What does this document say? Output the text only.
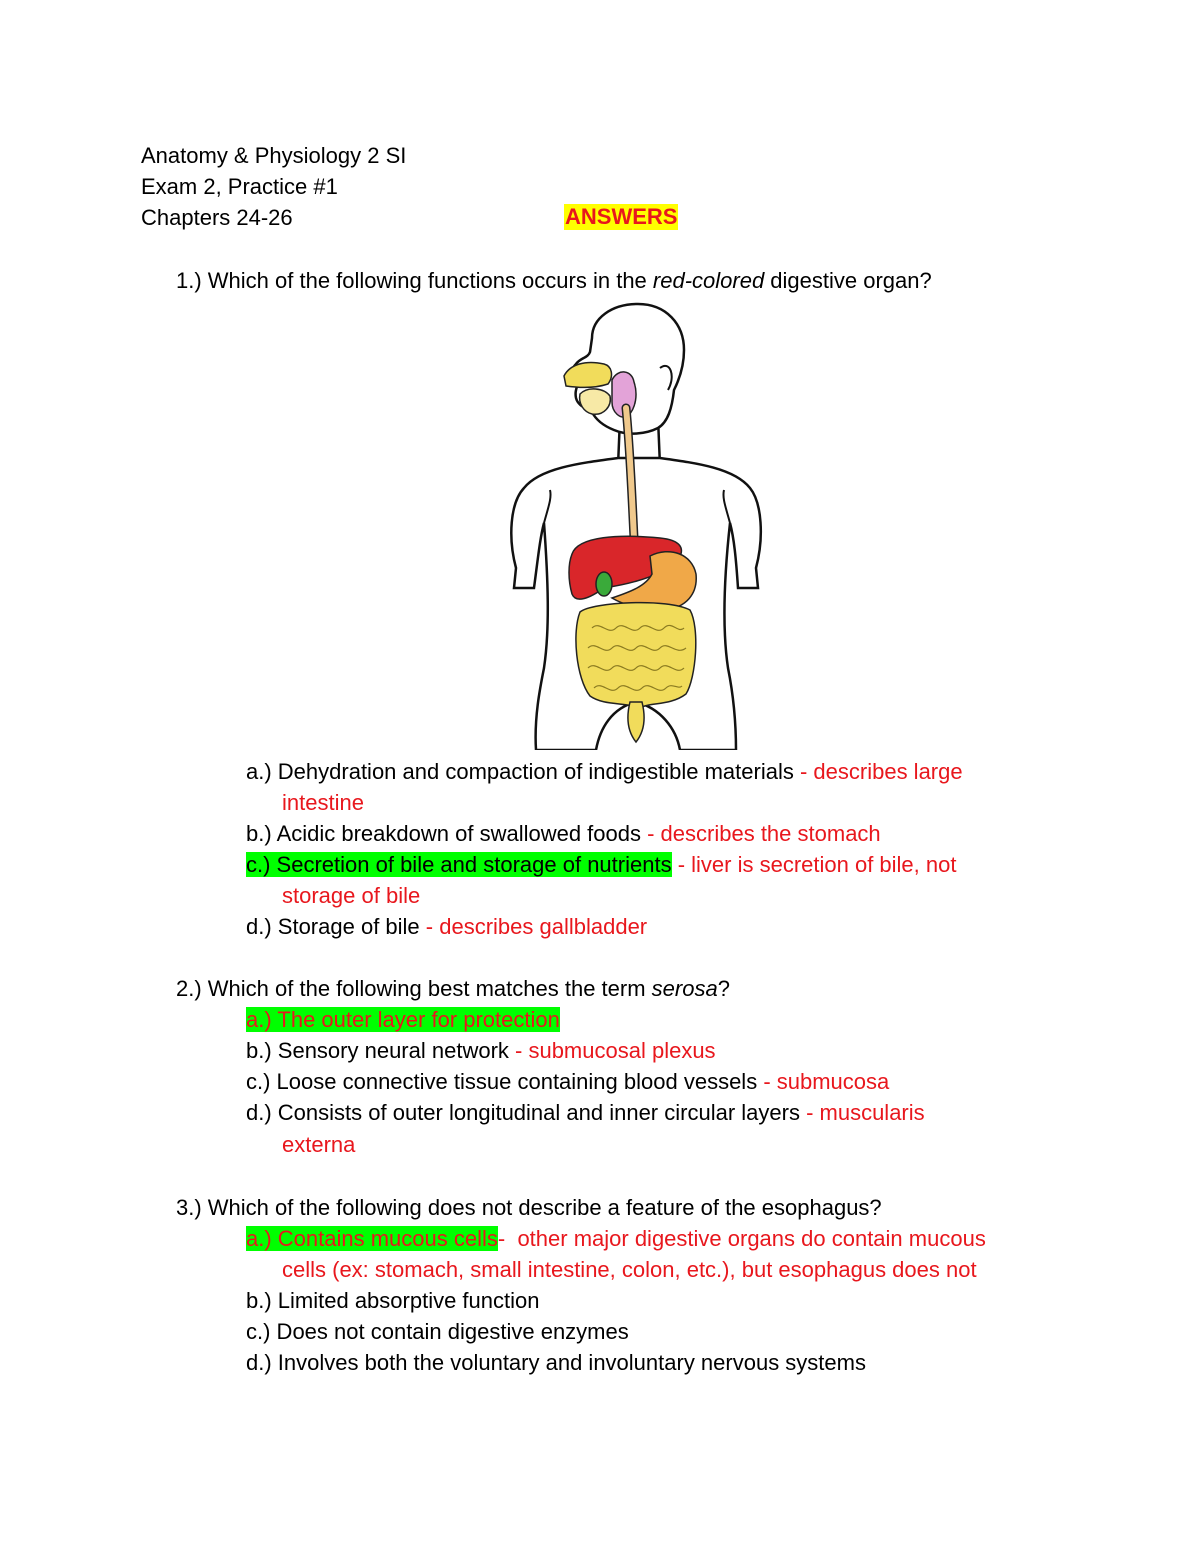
Anatomy & Physiology 2 SI
Exam 2, Practice #1
Chapters 24-26	ANSWERS
1.) Which of the following functions occurs in the red-colored digestive organ?
a.) Dehydration and compaction of indigestible materials - describes large
intestine
b.) Acidic breakdown of swallowed foods - describes the stomach
c.) Secretion of bile and storage of nutrients - liver is secretion of bile, not
storage of bile
d.) Storage of bile - describes gallbladder
2.) Which of the following best matches the term serosa?
a.) The outer layer for protection
b.) Sensory neural network - submucosal plexus
c.) Loose connective tissue containing blood vessels - submucosa
d.) Consists of outer longitudinal and inner circular layers - muscularis
externa
3.) Which of the following does not describe a feature of the esophagus?
a.) Contains mucous cells-  other major digestive organs do contain mucous
cells (ex: stomach, small intestine, colon, etc.), but esophagus does not
b.) Limited absorptive function
c.) Does not contain digestive enzymes
d.) Involves both the voluntary and involuntary nervous systems
